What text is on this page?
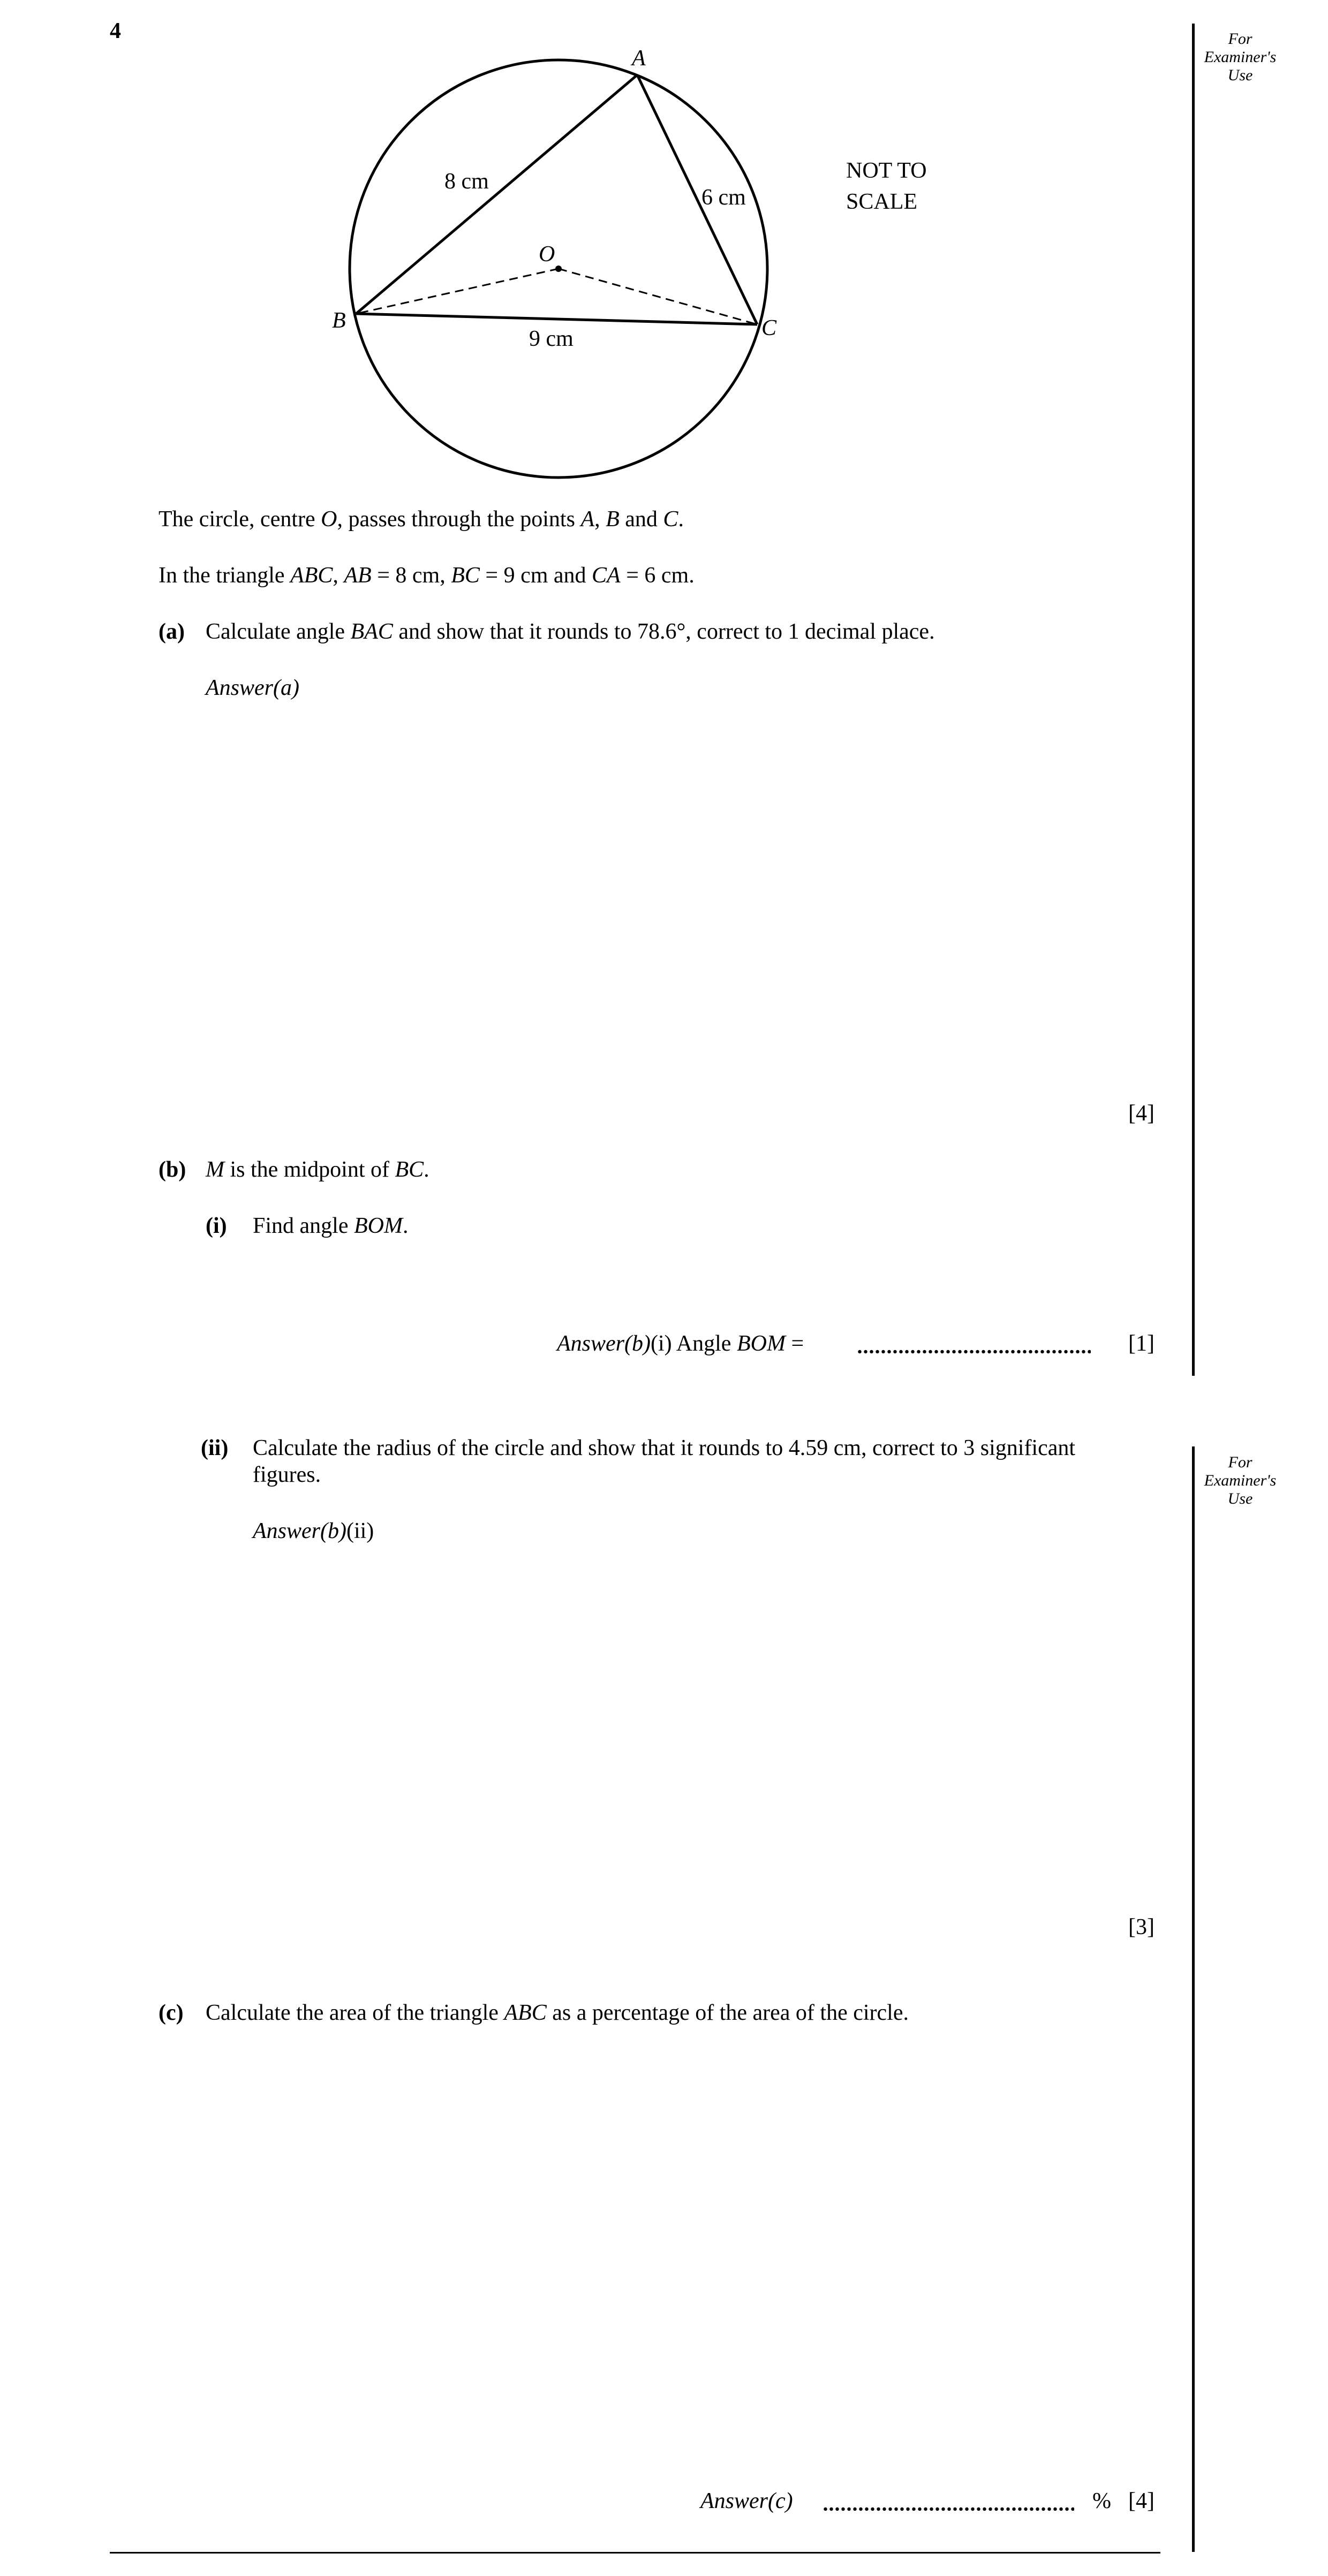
4	For
Examiner's
Use
For
Examiner's
Use
A
B	C
O
8 cm
6 cm
9 cm
NOT TO
SCALE
The circle, centre O, passes through the points A, B and C.
In the triangle ABC, AB = 8 cm, BC = 9 cm and CA = 6 cm.
(a) Calculate angle BAC and show that it rounds to 78.6°, correct to 1 decimal place.
Answer(a)
[4]
(b) M is the midpoint of BC.
(i) Find angle BOM.
Answer(b)(i) Angle BOM =	[1]
(ii) Calculate the radius of the circle and show that it rounds to 4.59 cm, correct to 3 significant
figures.
Answer(b)(ii)
[3]
(c) Calculate the area of the triangle ABC as a percentage of the area of the circle.
Answer(c)	% [4]
